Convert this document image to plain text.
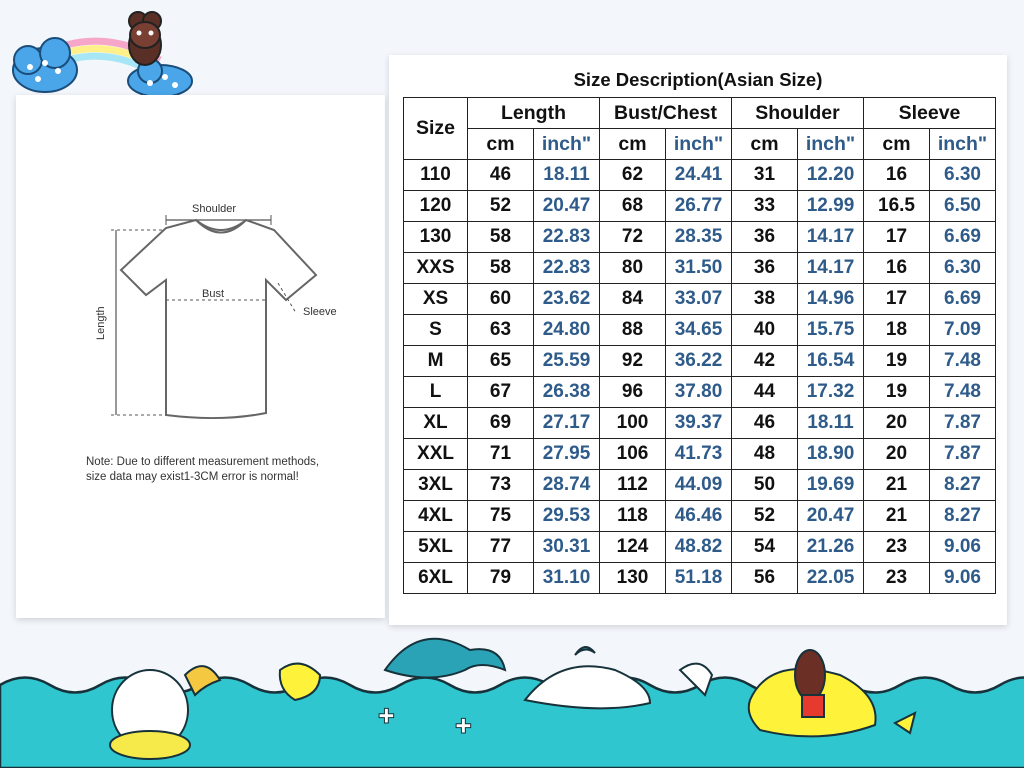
Shoulder
Bust
Sleeve
Length
Note: Due to different measurement methods,
size data may exist1-3CM error is normal!
Size Description(Asian Size)
Size	Length		Bust/Chest		Shoulder		Sleeve	
	cm	inch"	cm	inch"	cm	inch"	cm	inch"
110	46	18.11	62	24.41	31	12.20	16	6.30
120	52	20.47	68	26.77	33	12.99	16.5	6.50
130	58	22.83	72	28.35	36	14.17	17	6.69
XXS	58	22.83	80	31.50	36	14.17	16	6.30
XS	60	23.62	84	33.07	38	14.96	17	6.69
S	63	24.80	88	34.65	40	15.75	18	7.09
M	65	25.59	92	36.22	42	16.54	19	7.48
L	67	26.38	96	37.80	44	17.32	19	7.48
XL	69	27.17	100	39.37	46	18.11	20	7.87
XXL	71	27.95	106	41.73	48	18.90	20	7.87
3XL	73	28.74	112	44.09	50	19.69	21	8.27
4XL	75	29.53	118	46.46	52	20.47	21	8.27
5XL	77	30.31	124	48.82	54	21.26	23	9.06
6XL	79	31.10	130	51.18	56	22.05	23	9.06
✚	✚
